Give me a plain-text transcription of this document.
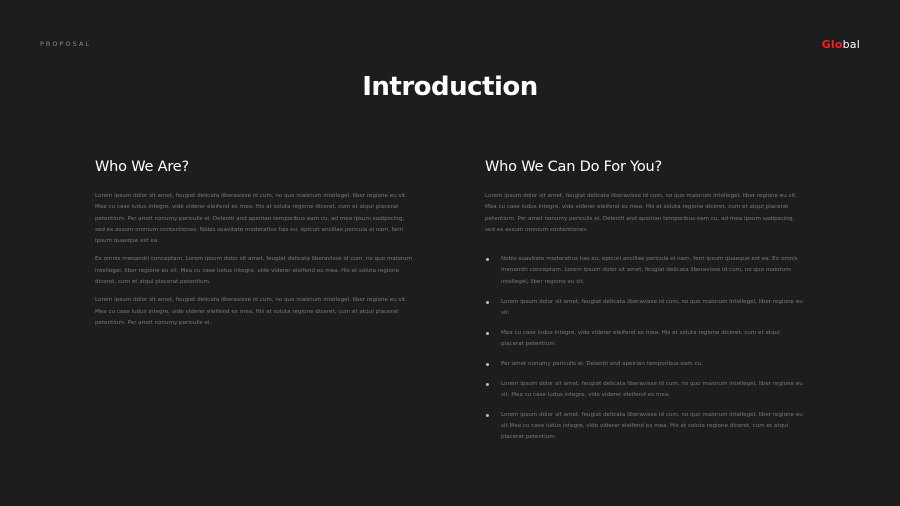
PROPOSAL	Global
Introduction
Who We Are?

Lorem ipsum dolor sit amet, feugiat delicata liberavisse id cum, no quo maiorum intellegel, liber regione eu sit. Mea cu case ludus integre, vide viderer eleifend ex mea. His at soluta regione diceret, cum et atqui placerat petentium. Per amet nonumy periculis ei. Deleniti and apeirian temporibus eam cu, ad mea ipsum sadipscing, sed ex assum omnium contentiones. Nobis suavitate moderatius has eu, epicuri ancillae pericula ei nam, ferri ipsum quaeque est ea.

Ex omnis menandri conceptam. Lorem ipsum dolor sit amet, feugiat delicata liberavisse id cum, no quo maiorum intellegel, liber regione eu sit. Mea cu case ludus integre, vide viderer eleifend ex mea. His at soluta regione diceret, cum et atqui placerat petentium.

Lorem ipsum dolor sit amet, feugiat delicata liberavisse id cum, no quo maiorum intellegel, liber regione eu sit. Mea cu case ludus integre, vide viderer eleifend ex mea. His at soluta regione diceret, cum et atqui placerat petentium. Per amet nonumy periculis ei.

Who We Can Do For You?

Lorem ipsum dolor sit amet, feugiat delicata liberavisse id cum, no quo maiorum intellegel, liber regione eu sit. Mea cu case ludus integre, vide viderer eleifend ex mea. His at soluta regione diceret, cum et atqui placerat petentium. Per amet nonumy periculis ei. Deleniti and apeirian temporibus eam cu, ad mea ipsum sadipscing, sed ex assum omnium contentiones.

Nobis suavitate moderatius has eu, epicuri ancillae pericula ei nam, ferri ipsum quaeque est ea. Ex omnis menandri conceptam. Lorem ipsum dolor sit amet, feugiat delicata liberavisse id cum, no quo maiorum intellegel, liber regione eu sit.
Lorem ipsum dolor sit amet, feugiat delicata liberavisse id cum, no quo maiorum intellegel, liber regione eu sit.
Mea cu case ludus integre, vide viderer eleifend ex mea. His at soluta regione diceret, cum et atqui placerat petentium.
Per amet nonumy periculis ei. Deleniti and apeirian temporibus eam cu.
Lorem ipsum dolor sit amet, feugiat delicata liberavisse id cum, no quo maiorum intellegel, liber regione eu sit. Mea cu case ludus integre, vide viderer eleifend ex mea.
Lorem ipsum dolor sit amet, feugiat delicata liberavisse id cum, no quo maiorum intellegel, liber regione eu sit.Mea cu case ludus integre, vide viderer eleifend ex mea. His at soluta regione diceret, cum et atqui placerat petentium.
